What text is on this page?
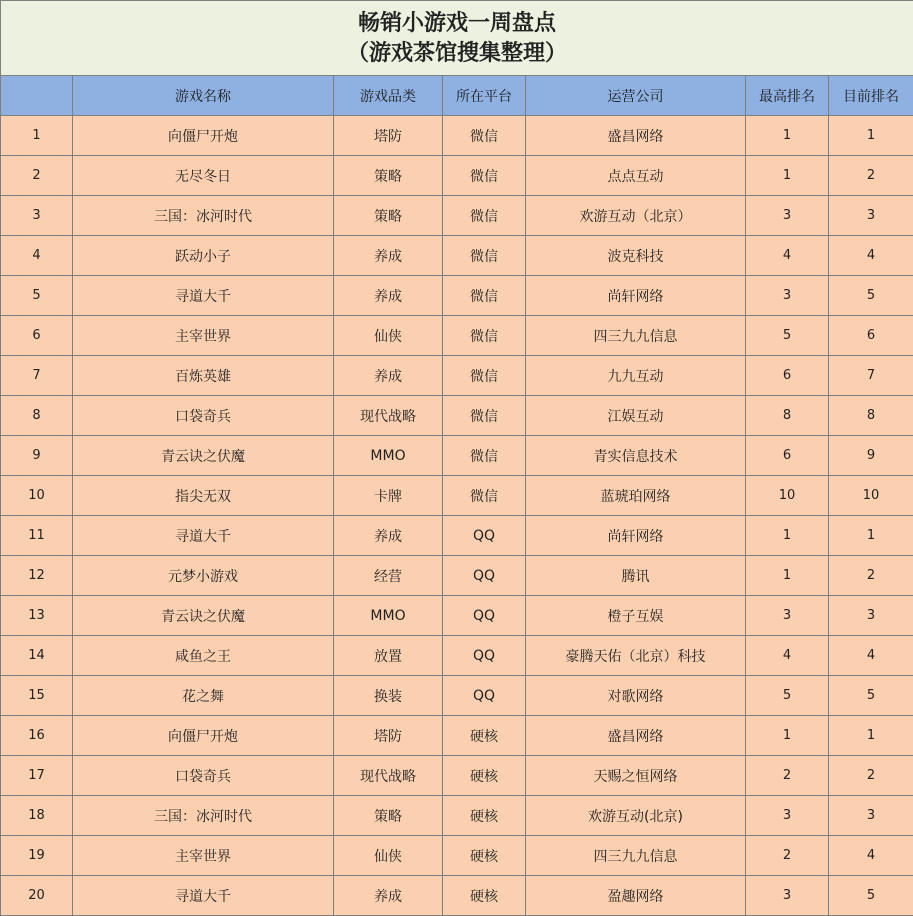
畅销小游戏一周盘点
（游戏茶馆搜集整理）						

	游戏名称	游戏品类	所在平台	运营公司	最高排名	目前排名
1	向僵尸开炮	塔防	微信	盛昌网络	1	1
2	无尽冬日	策略	微信	点点互动	1	2
3	三国：冰河时代	策略	微信	欢游互动（北京）	3	3
4	跃动小子	养成	微信	波克科技	4	4
5	寻道大千	养成	微信	尚轩网络	3	5
6	主宰世界	仙侠	微信	四三九九信息	5	6
7	百炼英雄	养成	微信	九九互动	6	7
8	口袋奇兵	现代战略	微信	江娱互动	8	8
9	青云诀之伏魔	MMO	微信	青实信息技术	6	9
10	指尖无双	卡牌	微信	蓝琥珀网络	10	10
11	寻道大千	养成	QQ	尚轩网络	1	1
12	元梦小游戏	经营	QQ	腾讯	1	2
13	青云诀之伏魔	MMO	QQ	橙子互娱	3	3
14	咸鱼之王	放置	QQ	豪腾天佑（北京）科技	4	4
15	花之舞	换装	QQ	对歌网络	5	5
16	向僵尸开炮	塔防	硬核	盛昌网络	1	1
17	口袋奇兵	现代战略	硬核	天赐之恒网络	2	2
18	三国：冰河时代	策略	硬核	欢游互动(北京)	3	3
19	主宰世界	仙侠	硬核	四三九九信息	2	4
20	寻道大千	养成	硬核	盈趣网络	3	5
